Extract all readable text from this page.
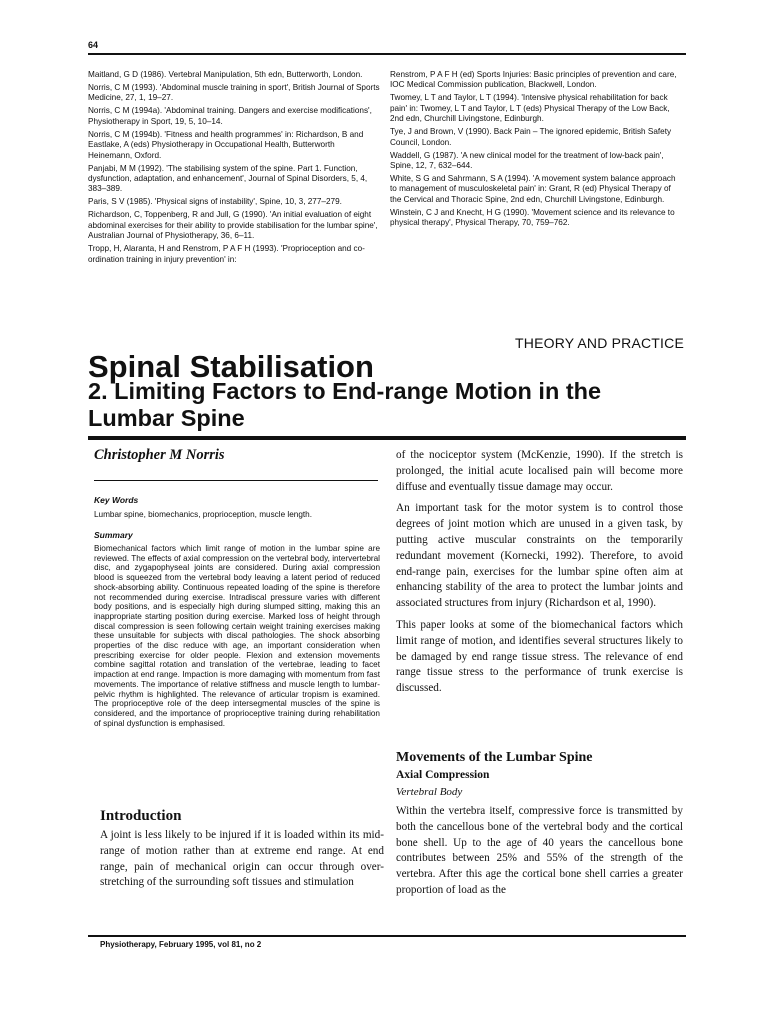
64

Maitland, G D (1986). Vertebral Manipulation, 5th edn, Butterworth, London.

Norris, C M (1993). 'Abdominal muscle training in sport', British Journal of Sports Medicine, 27, 1, 19–27.

Norris, C M (1994a). 'Abdominal training. Dangers and exercise modifications', Physiotherapy in Sport, 19, 5, 10–14.

Norris, C M (1994b). 'Fitness and health programmes' in: Richardson, B and Eastlake, A (eds) Physiotherapy in Occupational Health, Butterworth Heinemann, Oxford.

Panjabi, M M (1992). 'The stabilising system of the spine. Part 1. Function, dysfunction, adaptation, and enhancement', Journal of Spinal Disorders, 5, 4, 383–389.

Paris, S V (1985). 'Physical signs of instability', Spine, 10, 3, 277–279.

Richardson, C, Toppenberg, R and Jull, G (1990). 'An initial evaluation of eight abdominal exercises for their ability to provide stabilisation for the lumbar spine', Australian Journal of Physiotherapy, 36, 6–11.

Tropp, H, Alaranta, H and Renstrom, P A F H (1993). 'Proprioception and co-ordination training in injury prevention' in:

Renstrom, P A F H (ed) Sports Injuries: Basic principles of prevention and care, IOC Medical Commission publication, Blackwell, London.

Twomey, L T and Taylor, L T (1994). 'Intensive physical rehabilitation for back pain' in: Twomey, L T and Taylor, L T (eds) Physical Therapy of the Low Back, 2nd edn, Churchill Livingstone, Edinburgh.

Tye, J and Brown, V (1990). Back Pain – The ignored epidemic, British Safety Council, London.

Waddell, G (1987). 'A new clinical model for the treatment of low-back pain', Spine, 12, 7, 632–644.

White, S G and Sahrmann, S A (1994). 'A movement system balance approach to management of musculoskeletal pain' in: Grant, R (ed) Physical Therapy of the Cervical and Thoracic Spine, 2nd edn, Churchill Livingstone, Edinburgh.

Winstein, C J and Knecht, H G (1990). 'Movement science and its relevance to physical therapy', Physical Therapy, 70, 759–762.

THEORY AND PRACTICE
Spinal Stabilisation
2. Limiting Factors to End-range Motion in the Lumbar Spine
Christopher M Norris
Key Words
Lumbar spine, biomechanics, proprioception, muscle length.
Summary
Biomechanical factors which limit range of motion in the lumbar spine are reviewed. The effects of axial compression on the vertebral body, intervertebral disc, and zygapophyseal joints are considered. During axial compression blood is squeezed from the vertebral body leaving a latent period of reduced shock-absorbing ability. Continuous repeated loading of the spine is therefore not recommended during exercise. Intradiscal pressure varies with different body positions, and is especially high during slumped sitting, making this an inappropriate starting position during exercise. Marked loss of height through discal compression is seen following certain weight training exercises making these unsuitable for subjects with discal pathologies. The shock absorbing properties of the disc reduce with age, an important consideration when prescribing exercise for older people. Flexion and extension movements combine sagittal rotation and translation of the vertebrae, leading to facet impaction at end range. Impaction is more damaging with momentum from fast movements. The importance of relative stiffness and muscle length to lumbar-pelvic rhythm is highlighted. The relevance of articular tropism is examined. The proprioceptive role of the deep intersegmental muscles of the spine is considered, and the importance of proprioceptive training during rehabilitation of spinal dysfunction is emphasised.
Introduction
A joint is less likely to be injured if it is loaded within its mid-range of motion rather than at extreme end range. At end range, pain of mechanical origin can occur through over-stretching of the surrounding soft tissues and stimulation

of the nociceptor system (McKenzie, 1990). If the stretch is prolonged, the initial acute localised pain will become more diffuse and eventually tissue damage may occur.

An important task for the motor system is to control those degrees of joint motion which are unused in a given task, by putting active muscular constraints on the temporarily redundant movement (Kornecki, 1992). Therefore, to avoid end-range pain, exercises for the lumbar spine often aim at enhancing stability of the area to protect the lumbar joints and associated structures from injury (Richardson et al, 1990).

This paper looks at some of the biomechanical factors which limit range of motion, and identifies several structures likely to be damaged by end range tissue stress. The relevance of end range tissue stress to the performance of trunk exercise is discussed.

Movements of the Lumbar Spine
Axial Compression
Vertebral Body
Within the vertebra itself, compressive force is transmitted by both the cancellous bone of the vertebral body and the cortical bone shell. Up to the age of 40 years the cancellous bone contributes between 25% and 55% of the strength of the vertebra. After this age the cortical bone shell carries a greater proportion of load as the
Physiotherapy, February 1995, vol 81, no 2
